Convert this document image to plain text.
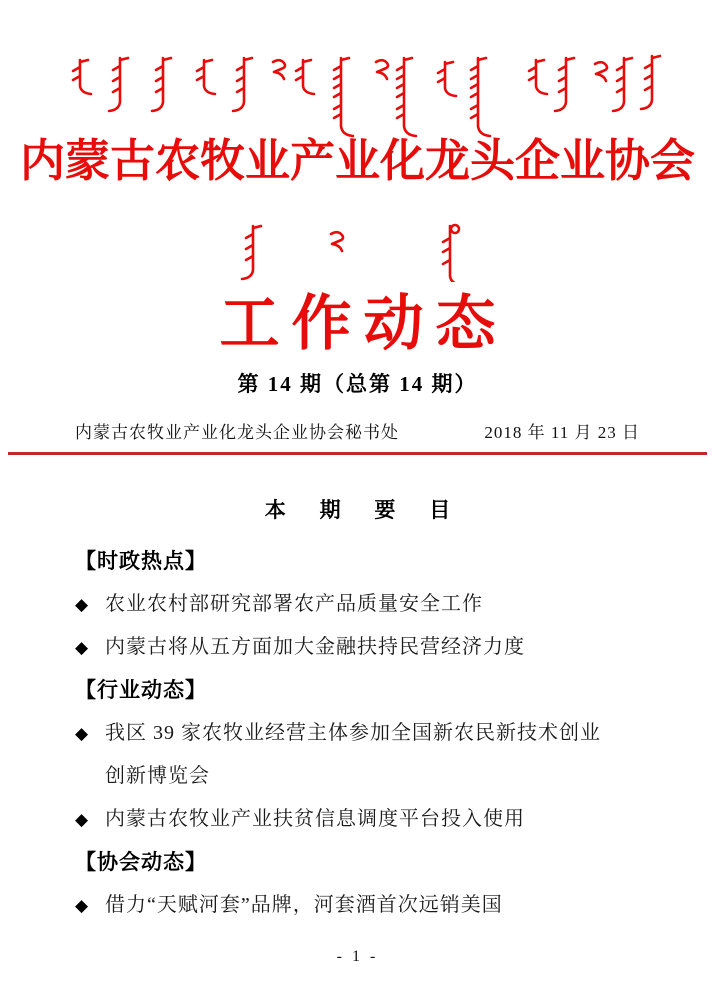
内蒙古农牧业产业化龙头企业协会
工作动态
第 14 期（总第 14 期）
内蒙古农牧业产业化龙头企业协会秘书处	2018 年 11 月 23 日
本 期 要 目
【时政热点】
◆ 农业农村部研究部署农产品质量安全工作
◆ 内蒙古将从五方面加大金融扶持民营经济力度
【行业动态】
◆ 我区 39 家农牧业经营主体参加全国新农民新技术创业创新博览会
◆ 内蒙古农牧业产业扶贫信息调度平台投入使用
【协会动态】
◆ 借力“天赋河套”品牌，河套酒首次远销美国
- 1 -
